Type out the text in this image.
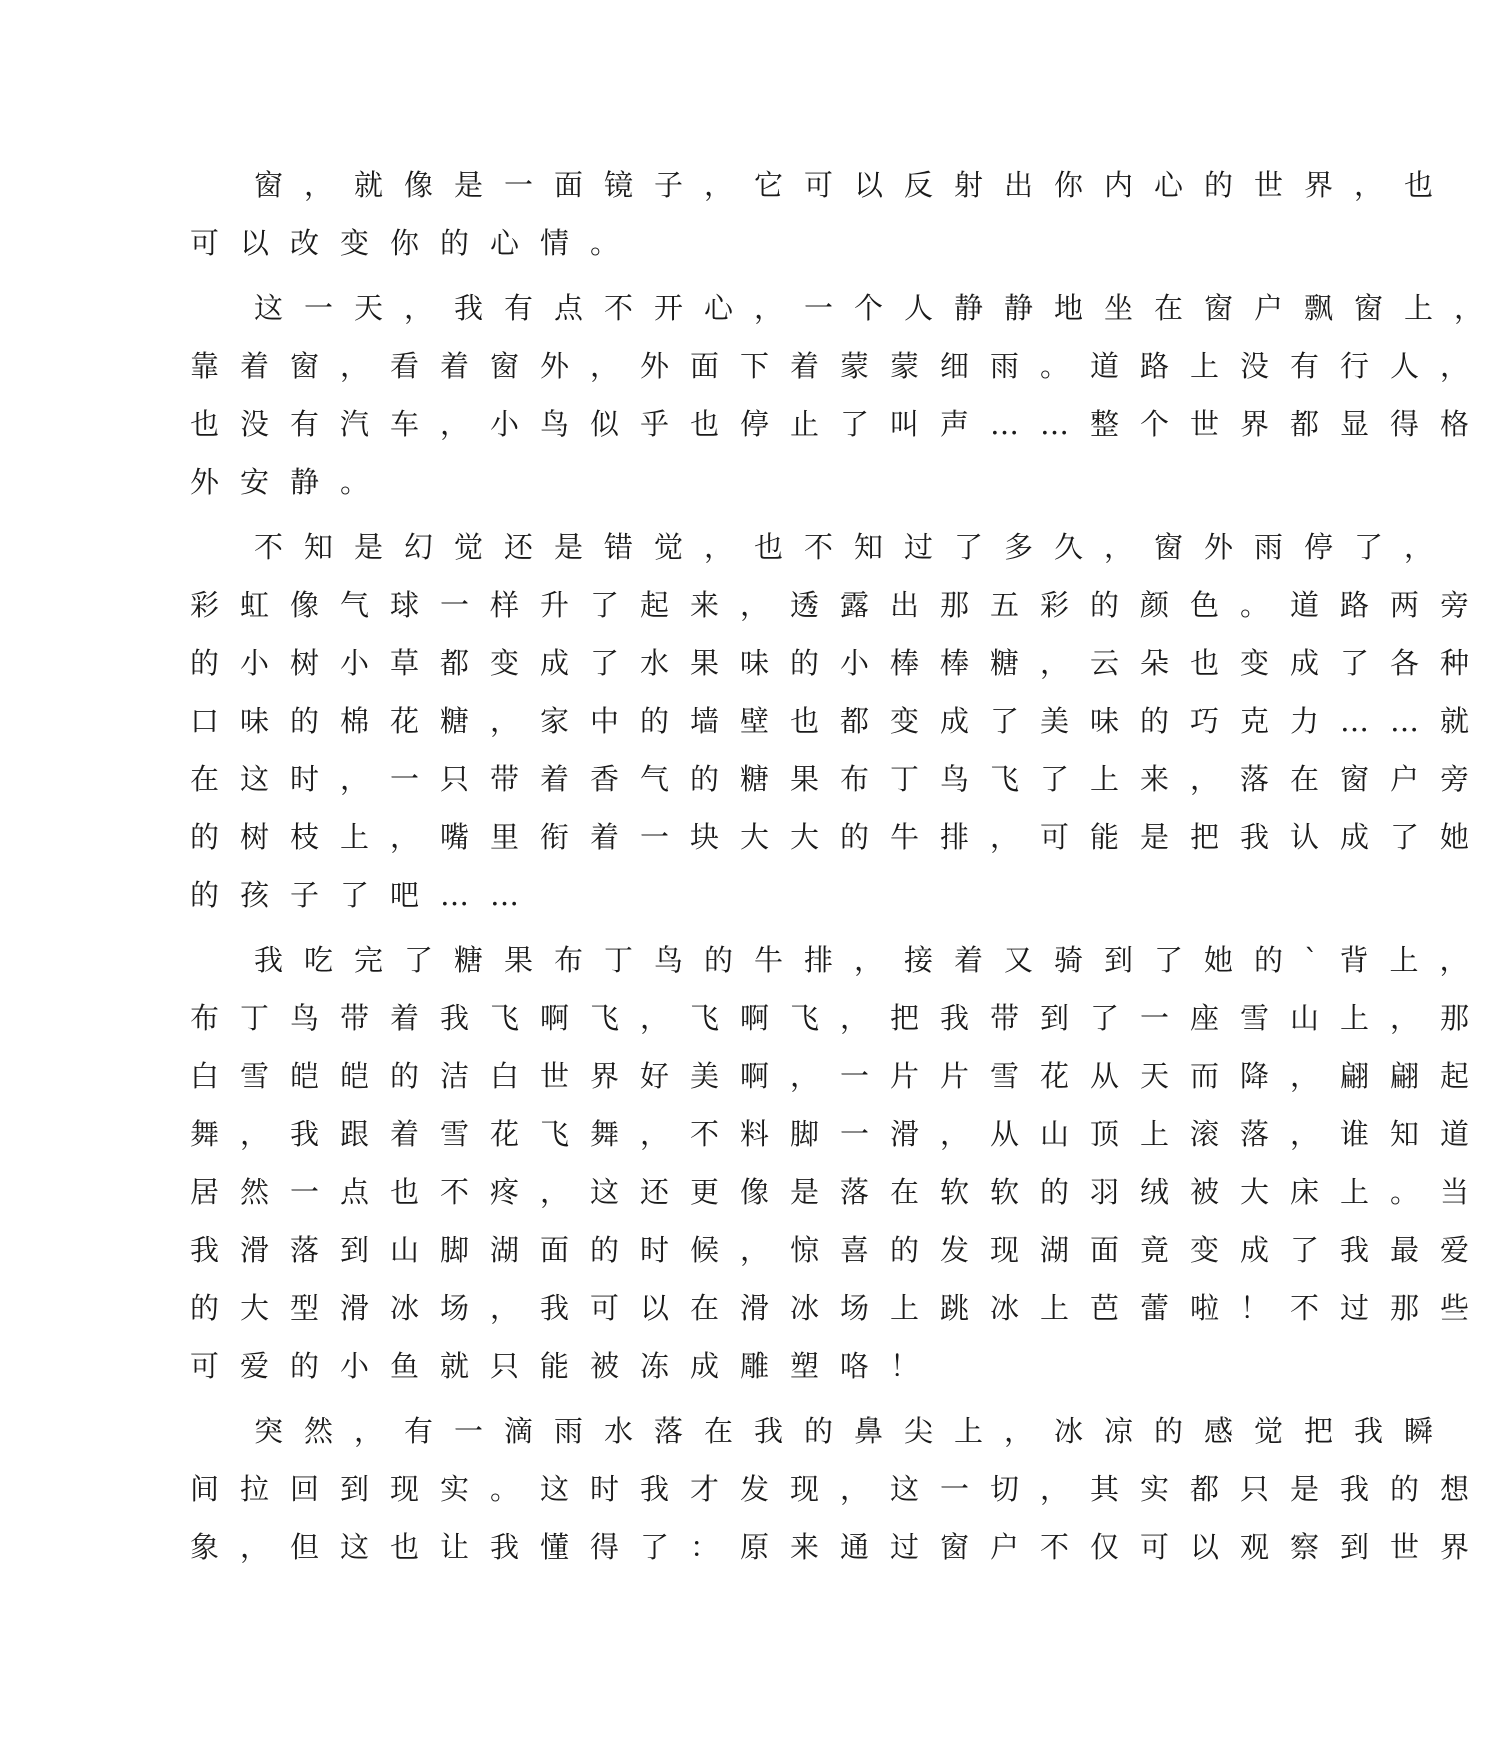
窗，就像是一面镜子，它可以反射出你内心的世界，也
可以改变你的心情。
这一天，我有点不开心，一个人静静地坐在窗户飘窗上，
靠着窗，看着窗外，外面下着蒙蒙细雨。道路上没有行人，
也没有汽车，小鸟似乎也停止了叫声……整个世界都显得格
外安静。
不知是幻觉还是错觉，也不知过了多久，窗外雨停了，
彩虹像气球一样升了起来，透露出那五彩的颜色。道路两旁
的小树小草都变成了水果味的小棒棒糖，云朵也变成了各种
口味的棉花糖，家中的墙壁也都变成了美味的巧克力……就
在这时，一只带着香气的糖果布丁鸟飞了上来，落在窗户旁
的树枝上，嘴里衔着一块大大的牛排，可能是把我认成了她
的孩子了吧……
我吃完了糖果布丁鸟的牛排，接着又骑到了她的`背上，
布丁鸟带着我飞啊飞，飞啊飞，把我带到了一座雪山上，那
白雪皑皑的洁白世界好美啊，一片片雪花从天而降，翩翩起
舞，我跟着雪花飞舞，不料脚一滑，从山顶上滚落，谁知道
居然一点也不疼，这还更像是落在软软的羽绒被大床上。当
我滑落到山脚湖面的时候，惊喜的发现湖面竟变成了我最爱
的大型滑冰场，我可以在滑冰场上跳冰上芭蕾啦！不过那些
可爱的小鱼就只能被冻成雕塑咯！
突然，有一滴雨水落在我的鼻尖上，冰凉的感觉把我瞬
间拉回到现实。这时我才发现，这一切，其实都只是我的想
象，但这也让我懂得了：原来通过窗户不仅可以观察到世界
